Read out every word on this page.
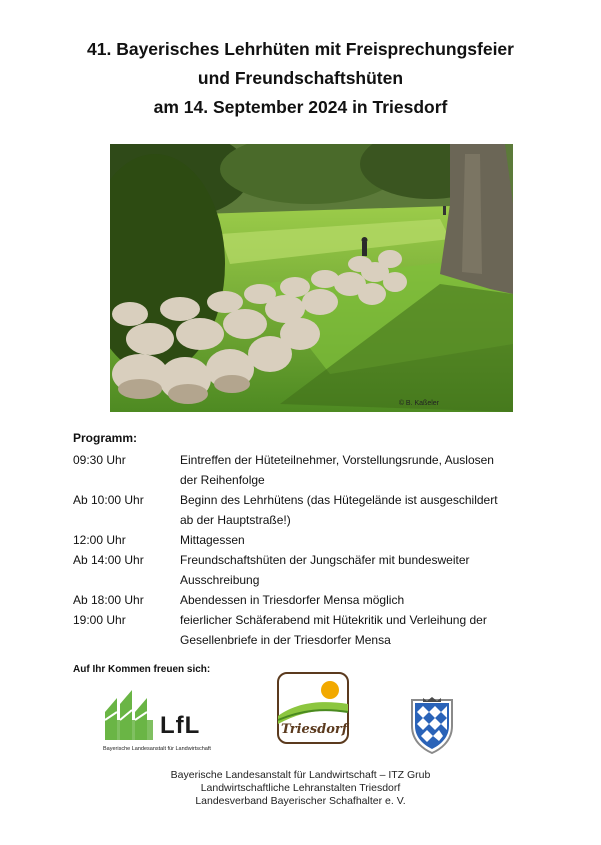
41. Bayerisches Lehrhüten mit Freisprechungsfeier
und Freundschaftshüten
am 14. September 2024 in Triesdorf
© B. Kaßeler
Programm:
09:30 Uhr	Eintreffen der Hüteteilnehmer, Vorstellungsrunde, Auslosen
der Reihenfolge
Ab 10:00 Uhr	Beginn des Lehrhütens (das Hütegelände ist ausgeschildert
ab der Hauptstraße!)
12:00 Uhr	Mittagessen
Ab 14:00 Uhr	Freundschaftshüten der Jungschäfer mit bundesweiter
Ausschreibung
Ab 18:00 Uhr	Abendessen in Triesdorfer Mensa möglich
19:00 Uhr	feierlicher Schäferabend mit Hütekritik und Verleihung der
Gesellenbriefe in der Triesdorfer Mensa
Auf Ihr Kommen freuen sich:
LfL
Bayerische Landesanstalt für Landwirtschaft
Triesdorf
Bayerische Landesanstalt für Landwirtschaft – ITZ Grub
Landwirtschaftliche Lehranstalten Triesdorf
Landesverband Bayerischer Schafhalter e. V.
